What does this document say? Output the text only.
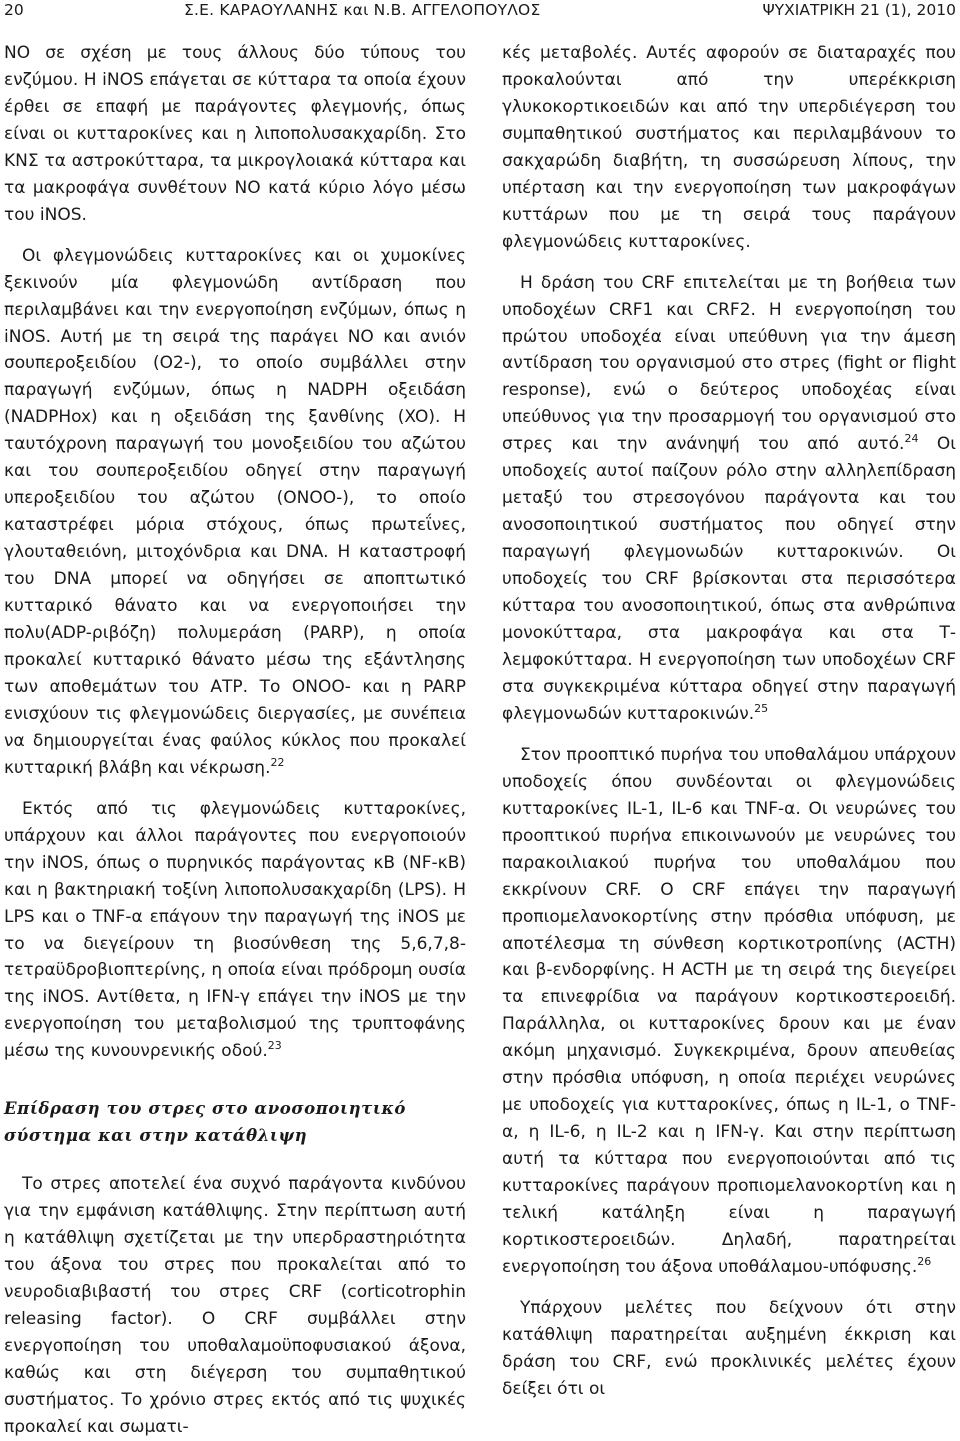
20	Σ.Ε. ΚΑΡΑΟΥΛΑΝΗΣ και Ν.Β. ΑΓΓΕΛΟΠΟΥΛΟΣ	ΨΥΧΙΑΤΡΙΚΗ 21 (1), 2010

ΝΟ σε σχέση με τους άλλους δύο τύπους του ενζύμου. Η iNOS επάγεται σε κύτταρα τα οποία έχουν έρθει σε επαφή με παράγοντες φλεγμονής, όπως είναι οι κυτταροκίνες και η λιποπολυσακχαρίδη. Στο ΚΝΣ τα αστροκύτταρα, τα μικρογλοιακά κύτταρα και τα μακροφάγα συνθέτουν ΝΟ κατά κύριο λόγο μέσω του iNOS.

Οι φλεγμονώδεις κυτταροκίνες και οι χυμοκίνες ξεκινούν μία φλεγμονώδη αντίδραση που περιλαμβάνει και την ενεργοποίηση ενζύμων, όπως η iNOS. Αυτή με τη σειρά της παράγει ΝΟ και ανιόν σουπεροξειδίου (Ο2-), το οποίο συμβάλλει στην παραγωγή ενζύμων, όπως η NADPH οξειδάση (NADPHox) και η οξειδάση της ξανθίνης (XO). Η ταυτόχρονη παραγωγή του μονοξειδίου του αζώτου και του σουπεροξειδίου οδηγεί στην παραγωγή υπεροξειδίου του αζώτου (ΟΝΟΟ-), το οποίο καταστρέφει μόρια στόχους, όπως πρωτεΐνες, γλουταθειόνη, μιτοχόνδρια και DNA. Η καταστροφή του DNA μπορεί να οδηγήσει σε αποπτωτικό κυτταρικό θάνατο και να ενεργοποιήσει την πολυ(ADP-ριβόζη) πολυμεράση (PARP), η οποία προκαλεί κυτταρικό θάνατο μέσω της εξάντλησης των αποθεμάτων του ΑΤΡ. Το ΟΝΟΟ- και η PARP ενισχύουν τις φλεγμονώδεις διεργασίες, με συνέπεια να δημιουργείται ένας φαύλος κύκλος που προκαλεί κυτταρική βλάβη και νέκρωση.$^{22}$

Εκτός από τις φλεγμονώδεις κυτταροκίνες, υπάρχουν και άλλοι παράγοντες που ενεργοποιούν την iNOS, όπως ο πυρηνικός παράγοντας κΒ (NF-κΒ) και η βακτηριακή τοξίνη λιποπολυσακχαρίδη (LPS). Η LPS και ο TNF-α επάγουν την παραγωγή της iNOS με το να διεγείρουν τη βιοσύνθεση της 5,6,7,8-τετραϋδροβιοπτερίνης, η οποία είναι πρόδρομη ουσία της iNOS. Αντίθετα, η IFN-γ επάγει την iNOS με την ενεργοποίηση του μεταβολισμού της τρυπτοφάνης μέσω της κυνουνρενικής οδού.$^{23}$

Επίδραση του στρες στο ανοσοποιητικό σύστημα και στην κατάθλιψη

Το στρες αποτελεί ένα συχνό παράγοντα κινδύνου για την εμφάνιση κατάθλιψης. Στην περίπτωση αυτή η κατάθλιψη σχετίζεται με την υπερδραστηριότητα του άξονα του στρες που προκαλείται από το νευροδιαβιβαστή του στρες CRF (corticotrophin releasing factor). Ο CRF συμβάλλει στην ενεργοποίηση του υποθαλαμοϋποφυσιακού άξονα, καθώς και στη διέγερση του συμπαθητικού συστήματος. Το χρόνιο στρες εκτός από τις ψυχικές προκαλεί και σωματι-

κές μεταβολές. Αυτές αφορούν σε διαταραχές που προκαλούνται από την υπερέκκριση γλυκοκορτικοειδών και από την υπερδιέγερση του συμπαθητικού συστήματος και περιλαμβάνουν το σακχαρώδη διαβήτη, τη συσσώρευση λίπους, την υπέρταση και την ενεργοποίηση των μακροφάγων κυττάρων που με τη σειρά τους παράγουν φλεγμονώδεις κυτταροκίνες.

Η δράση του CRF επιτελείται με τη βοήθεια των υποδοχέων CRF1 και CRF2. Η ενεργοποίηση του πρώτου υποδοχέα είναι υπεύθυνη για την άμεση αντίδραση του οργανισμού στο στρες (fight or flight response), ενώ ο δεύτερος υποδοχέας είναι υπεύθυνος για την προσαρμογή του οργανισμού στο στρες και την ανάνηψή του από αυτό.$^{24}$ Οι υποδοχείς αυτοί παίζουν ρόλο στην αλληλεπίδραση μεταξύ του στρεσογόνου παράγοντα και του ανοσοποιητικού συστήματος που οδηγεί στην παραγωγή φλεγμονωδών κυτταροκινών. Οι υποδοχείς του CRF βρίσκονται στα περισσότερα κύτταρα του ανοσοποιητικού, όπως στα ανθρώπινα μονοκύτταρα, στα μακροφάγα και στα Τ-λεμφοκύτταρα. Η ενεργοποίηση των υποδοχέων CRF στα συγκεκριμένα κύτταρα οδηγεί στην παραγωγή φλεγμονωδών κυτταροκινών.$^{25}$

Στον προοπτικό πυρήνα του υποθαλάμου υπάρχουν υποδοχείς όπου συνδέονται οι φλεγμονώδεις κυτταροκίνες IL-1, IL-6 και TNF-α. Οι νευρώνες του προοπτικού πυρήνα επικοινωνούν με νευρώνες του παρακοιλιακού πυρήνα του υποθαλάμου που εκκρίνουν CRF. Ο CRF επάγει την παραγωγή προπιομελανοκορτίνης στην πρόσθια υπόφυση, με αποτέλεσμα τη σύνθεση κορτικοτροπίνης (ACTH) και β-ενδορφίνης. Η ACTH με τη σειρά της διεγείρει τα επινεφρίδια να παράγουν κορτικοστεροειδή. Παράλληλα, οι κυτταροκίνες δρουν και με έναν ακόμη μηχανισμό. Συγκεκριμένα, δρουν απευθείας στην πρόσθια υπόφυση, η οποία περιέχει νευρώνες με υποδοχείς για κυτταροκίνες, όπως η IL-1, ο TNF-α, η IL-6, η IL-2 και η IFN-γ. Και στην περίπτωση αυτή τα κύτταρα που ενεργοποιούνται από τις κυτταροκίνες παράγουν προπιομελανοκορτίνη και η τελική κατάληξη είναι η παραγωγή κορτικοστεροειδών. Δηλαδή, παρατηρείται ενεργοποίηση του άξονα υποθάλαμου-υπόφυσης.$^{26}$

Υπάρχουν μελέτες που δείχνουν ότι στην κατάθλιψη παρατηρείται αυξημένη έκκριση και δράση του CRF, ενώ προκλινικές μελέτες έχουν δείξει ότι οι
